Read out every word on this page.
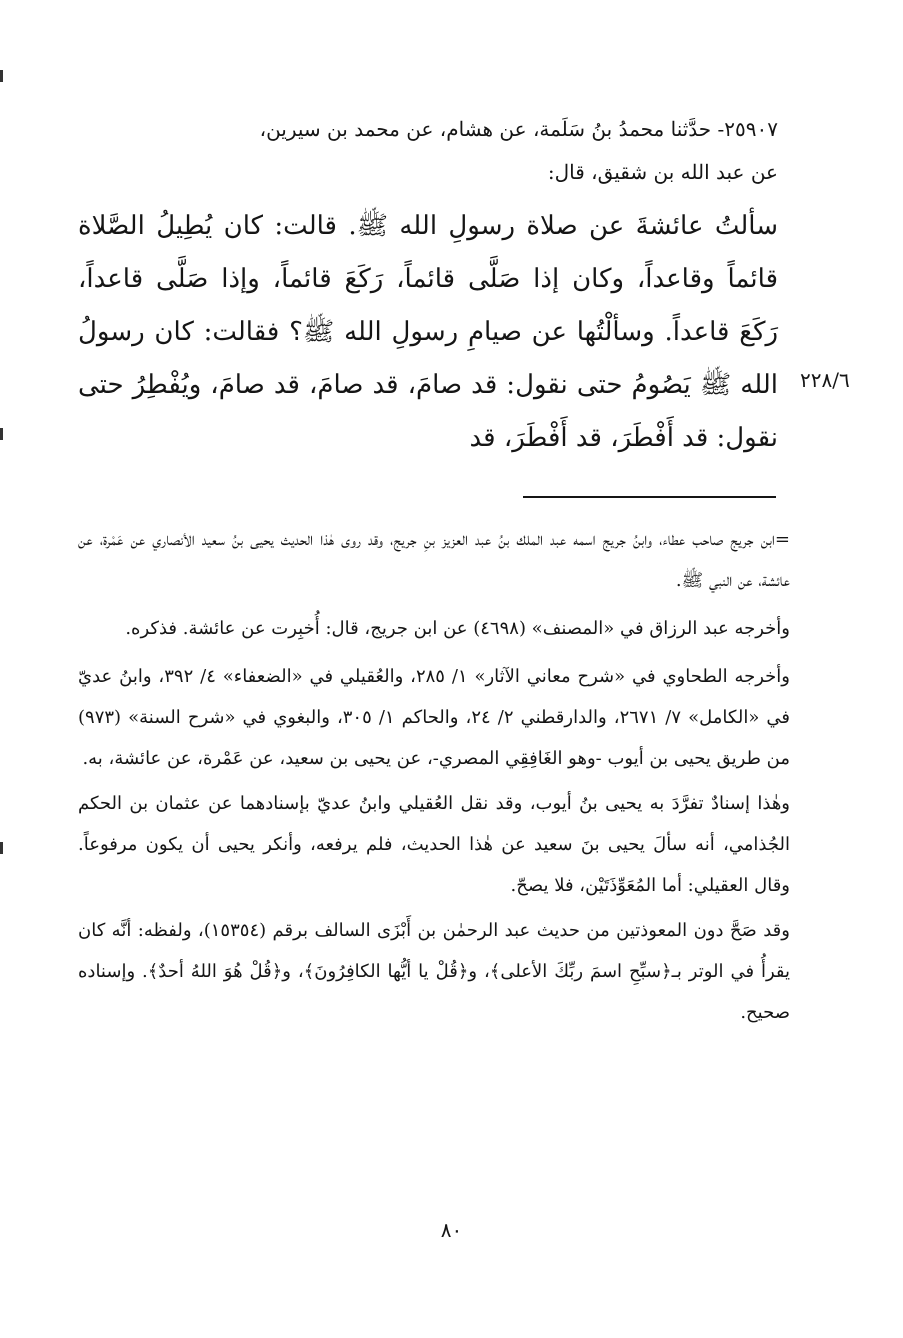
٢٥٩٠٧- حدَّثنا محمدُ بنُ سَلَمة، عن هشام، عن محمد بن سيرين،

عن عبد الله بن شقيق، قال:

سألتُ عائشةَ عن صلاة رسولِ الله ﷺ. قالت: كان يُطِيلُ الصَّلاة قائماً وقاعداً، وكان إذا صَلَّى قائماً، رَكَعَ قائماً، وإذا صَلَّى قاعداً، رَكَعَ قاعداً. وسألْتُها عن صيامِ رسولِ الله ﷺ؟ فقالت: كان رسولُ الله ﷺ يَصُومُ حتى نقول: قد صامَ، قد صامَ، قد صامَ، ويُفْطِرُ حتى نقول: قد أَفْطَرَ، قد أَفْطَرَ، قد
٢٢٨/٦

=ابن جريج صاحب عطاء، وابنُ جريج اسمه عبد الملك بنُ عبد العزيز بنِ جريج، وقد روى هٰذا الحديث يحيى بنُ سعيد الأنصاري عن عَمْرة، عن عائشة، عن النبي ﷺ.

وأخرجه عبد الرزاق في «المصنف» (٤٦٩٨) عن ابن جريج، قال: أُخبِرت عن عائشة. فذكره.

وأخرجه الطحاوي في «شرح معاني الآثار» ١/ ٢٨٥، والعُقيلي في «الضعفاء» ٤/ ٣٩٢، وابنُ عديّ في «الكامل» ٧/ ٢٦٧١، والدارقطني ٢/ ٢٤، والحاكم ١/ ٣٠٥، والبغوي في «شرح السنة» (٩٧٣) من طريق يحيى بن أيوب -وهو الغَافِقِي المصري-، عن يحيى بن سعيد، عن عَمْرة، عن عائشة، به.

وهٰذا إسنادٌ تفرَّدَ به يحيى بنُ أيوب، وقد نقل العُقيلي وابنُ عديّ بإسنادهما عن عثمان بن الحكم الجُذامي، أنه سألَ يحيى بنَ سعيد عن هٰذا الحديث، فلم يرفعه، وأنكر يحيى أن يكون مرفوعاً. وقال العقيلي: أما المُعَوِّذَتَيْن، فلا يصحّ.

وقد صَحَّ دون المعوذتين من حديث عبد الرحمٰن بن أَبْزَى السالف برقم (١٥٣٥٤)، ولفظه: أنَّه كان يقرأُ في الوتر بـ﴿سبِّحِ اسمَ ربِّكَ الأعلى﴾، و﴿قُلْ يا أيُّها الكافِرُونَ﴾، و﴿قُلْ هُوَ اللهُ أحدٌ﴾. وإسناده صحيح.

٨٠
